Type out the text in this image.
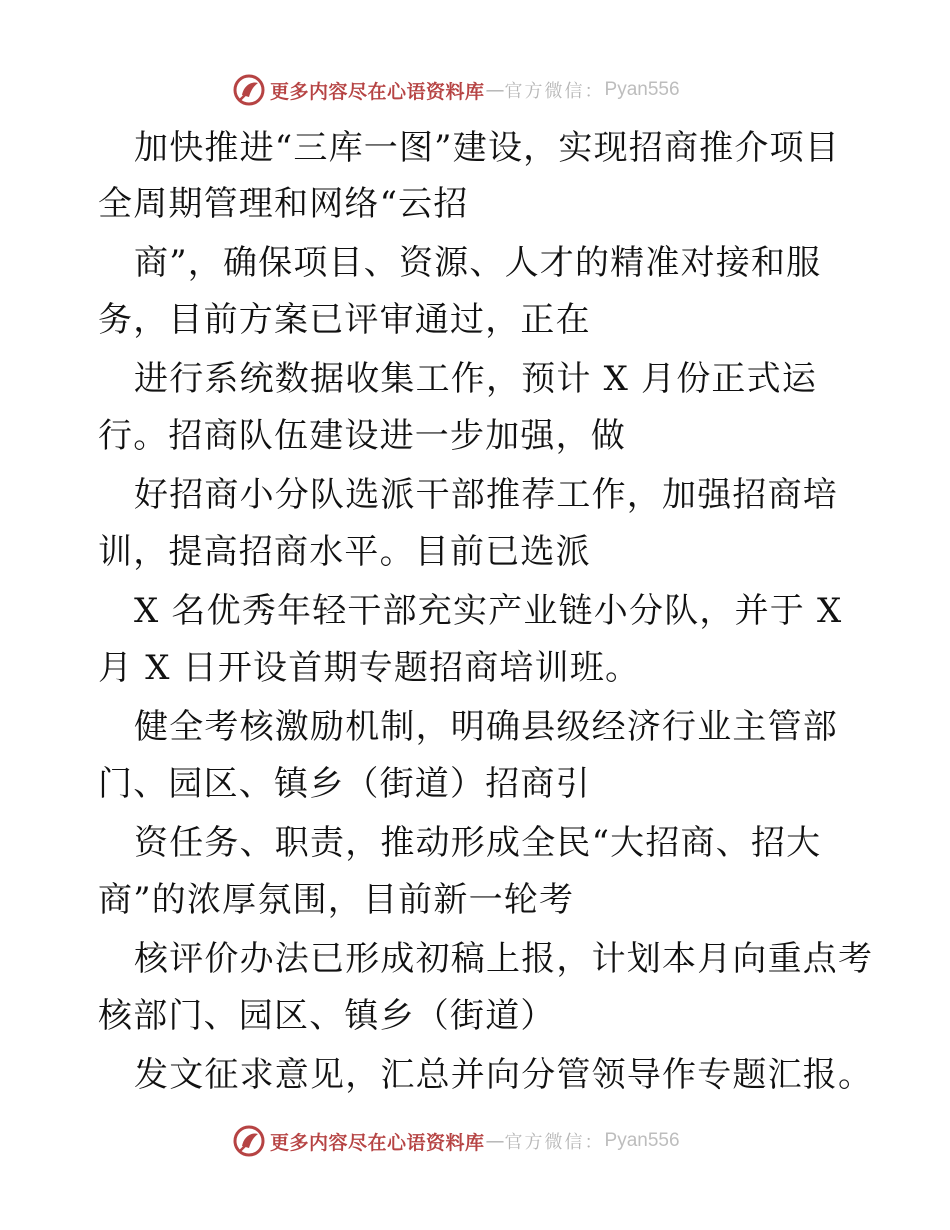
更多内容尽在心语资料库 — 官方微信： Pyan556
加快推进“三库一图”建设，实现招商推介项目
全周期管理和网络“云招
商”，确保项目、资源、人才的精准对接和服
务，目前方案已评审通过，正在
进行系统数据收集工作，预计 X 月份正式运
行。招商队伍建设进一步加强，做
好招商小分队选派干部推荐工作，加强招商培
训，提高招商水平。目前已选派
X 名优秀年轻干部充实产业链小分队，并于 X
月 X 日开设首期专题招商培训班。
健全考核激励机制，明确县级经济行业主管部
门、园区、镇乡（街道）招商引
资任务、职责，推动形成全民“大招商、招大
商”的浓厚氛围，目前新一轮考
核评价办法已形成初稿上报，计划本月向重点考
核部门、园区、镇乡（街道）
发文征求意见，汇总并向分管领导作专题汇报。
更多内容尽在心语资料库 — 官方微信： Pyan556
